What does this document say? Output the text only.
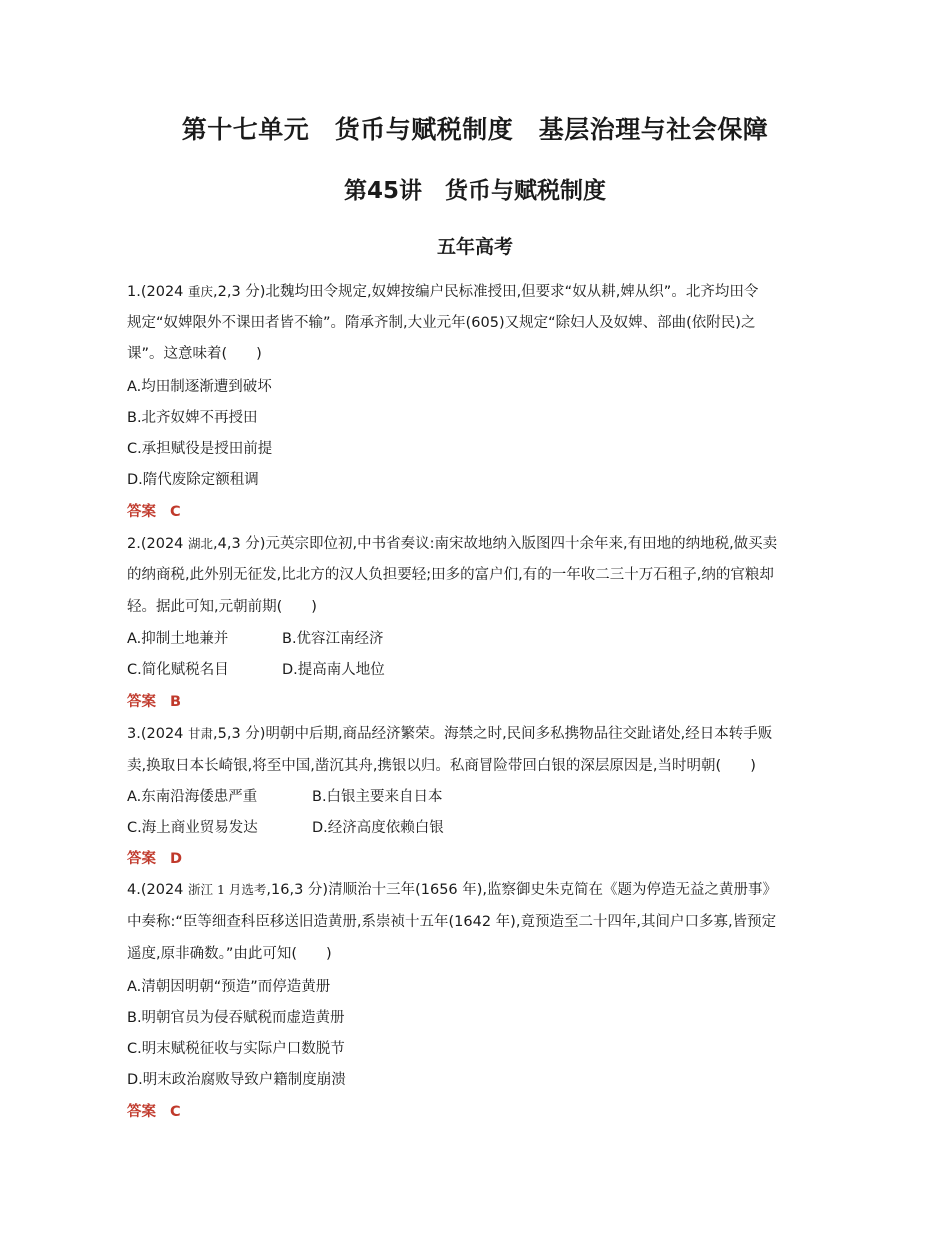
第十七单元　货币与赋税制度　基层治理与社会保障
第45讲　货币与赋税制度
五年高考
1.(2024 重庆,2,3 分)北魏均田令规定,奴婢按编户民标准授田,但要求“奴从耕,婢从织”。北齐均田令
规定“奴婢限外不课田者皆不输”。隋承齐制,大业元年(605)又规定“除妇人及奴婢、部曲(依附民)之
课”。这意味着(　　)
A.均田制逐渐遭到破坏
B.北齐奴婢不再授田
C.承担赋役是授田前提
D.隋代废除定额租调
答案 C
2.(2024 湖北,4,3 分)元英宗即位初,中书省奏议:南宋故地纳入版图四十余年来,有田地的纳地税,做买卖
的纳商税,此外别无征发,比北方的汉人负担要轻;田多的富户们,有的一年收二三十万石租子,纳的官粮却
轻。据此可知,元朝前期(　　)
A.抑制土地兼并	B.优容江南经济
C.简化赋税名目	D.提高南人地位
答案 B
3.(2024 甘肃,5,3 分)明朝中后期,商品经济繁荣。海禁之时,民间多私携物品往交趾诸处,经日本转手贩
卖,换取日本长崎银,将至中国,凿沉其舟,携银以归。私商冒险带回白银的深层原因是,当时明朝(　　)
A.东南沿海倭患严重	B.白银主要来自日本
C.海上商业贸易发达	D.经济高度依赖白银
答案 D
4.(2024 浙江 1 月选考,16,3 分)清顺治十三年(1656 年),监察御史朱克简在《题为停造无益之黄册事》
中奏称:“臣等细查科臣移送旧造黄册,系崇祯十五年(1642 年),竟预造至二十四年,其间户口多寡,皆预定
遥度,原非确数。”由此可知(　　)
A.清朝因明朝“预造”而停造黄册
B.明朝官员为侵吞赋税而虚造黄册
C.明末赋税征收与实际户口数脱节
D.明末政治腐败导致户籍制度崩溃
答案 C
